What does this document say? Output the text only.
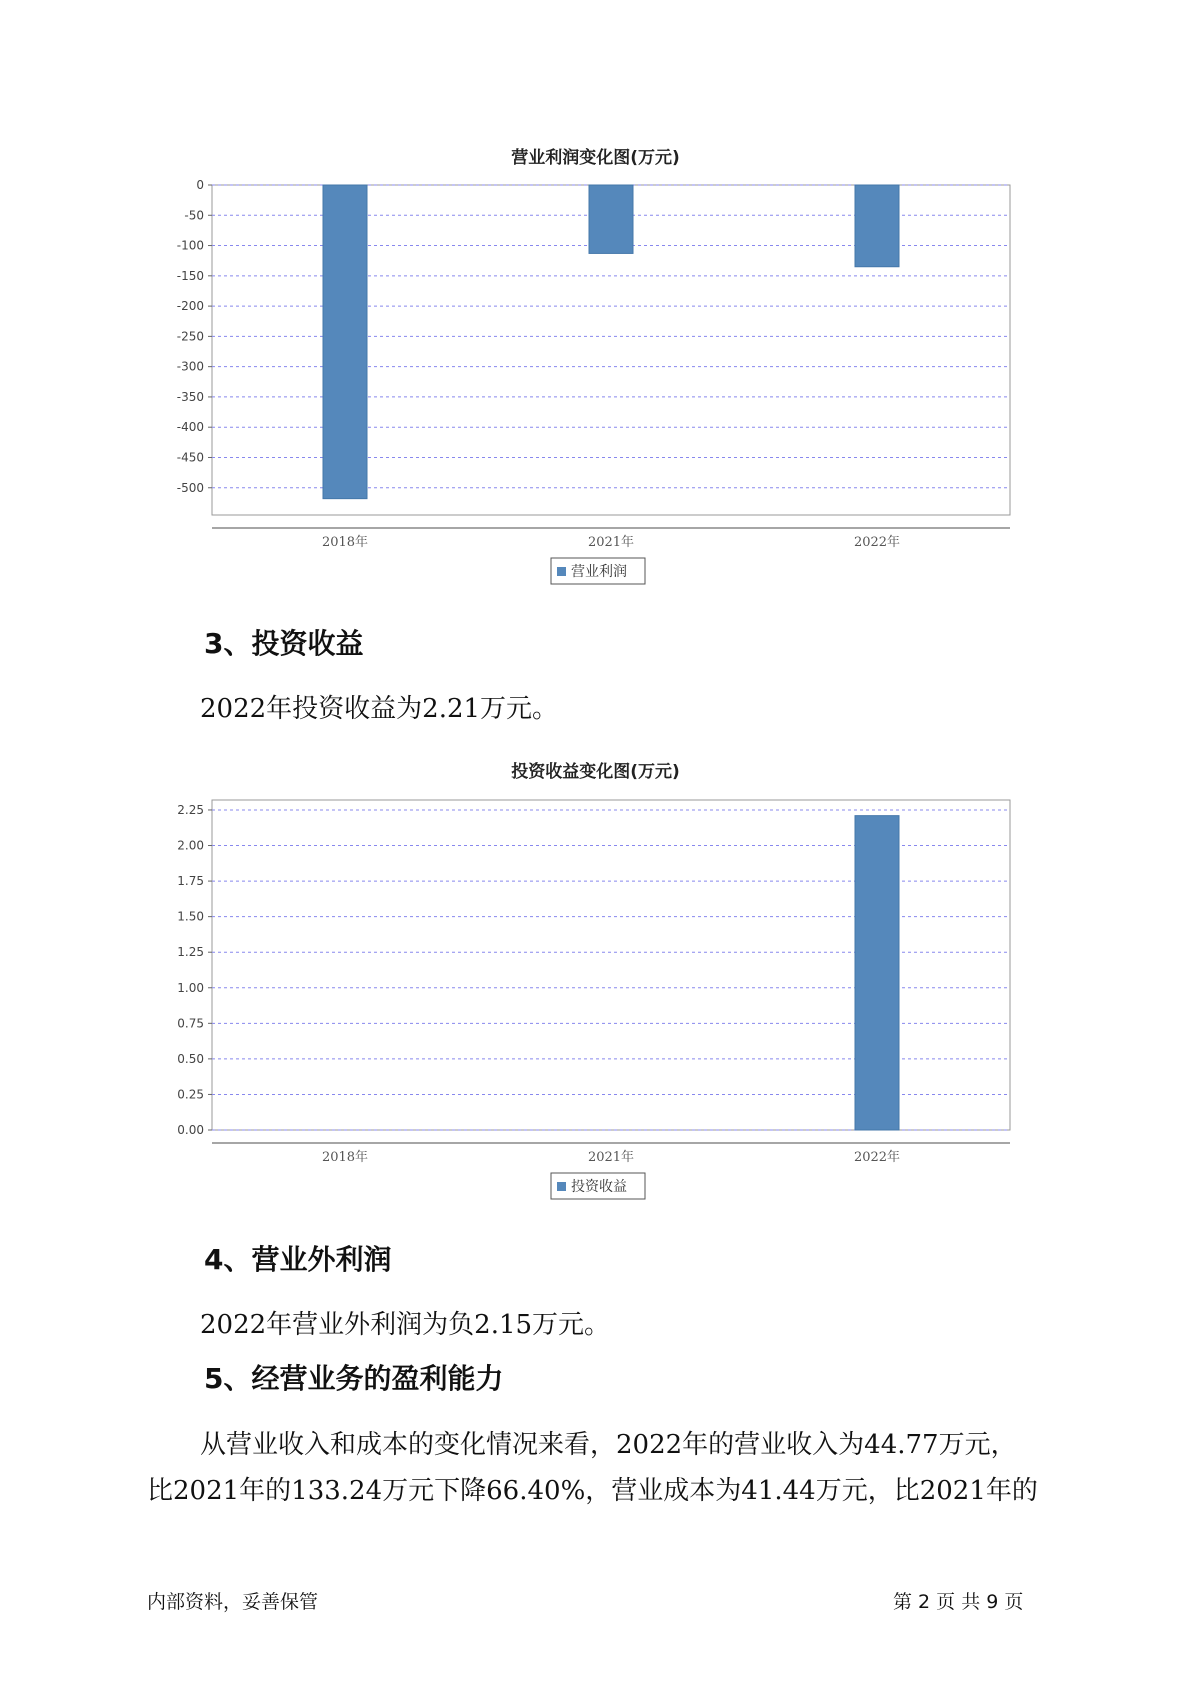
营业利润变化图(万元)
0
-50
-100
-150
-200
-250
-300
-350
-400
-450
-500
2018年	2021年	2022年
营业利润
3、投资收益

2022年投资收益为2.21万元。

投资收益变化图(万元)
2.25
2.00
1.75
1.50
1.25
1.00
0.75
0.50
0.25
0.00
2018年	2021年	2022年
投资收益
4、营业外利润

2022年营业外利润为负2.15万元。

5、经营业务的盈利能力

从营业收入和成本的变化情况来看，2022年的营业收入为44.77万元，

比2021年的133.24万元下降66.40%，营业成本为41.44万元，比2021年的

内部资料，妥善保管	第 2 页 共 9 页
